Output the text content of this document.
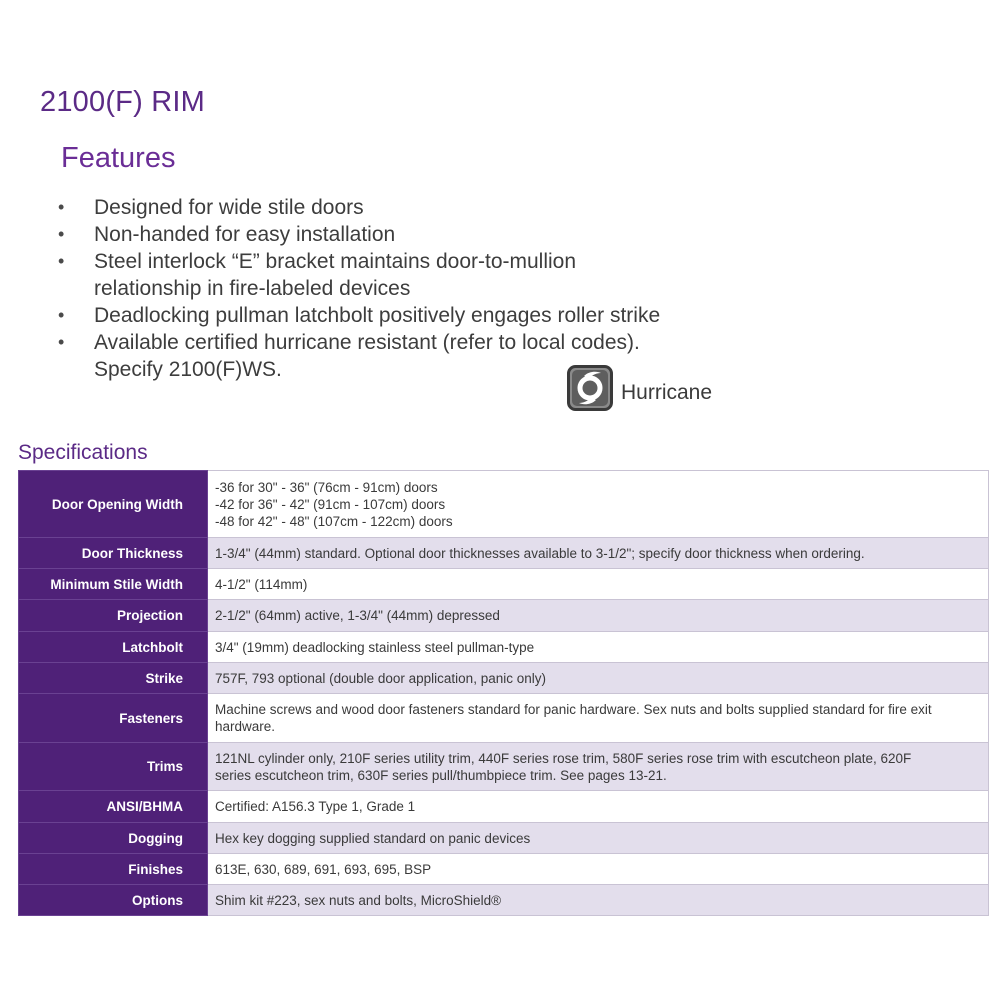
2100(F) RIM
Features
• Designed for wide stile doors
• Non-handed for easy installation
• Steel interlock “E” bracket maintains door-to-mullion
relationship in fire-labeled devices
• Deadlocking pullman latchbolt positively engages roller strike
• Available certified hurricane resistant (refer to local codes).
Specify 2100(F)WS.
Hurricane
Specifications
Door Opening Width	-36 for 30" - 36" (76cm - 91cm) doors
-42 for 36" - 42" (91cm - 107cm) doors
-48 for 42" - 48" (107cm - 122cm) doors

Door Thickness	1-3/4" (44mm) standard. Optional door thicknesses available to 3-1/2"; specify door thickness when ordering.

Minimum Stile Width	4-1/2" (114mm)

Projection	2-1/2" (64mm) active, 1-3/4" (44mm) depressed

Latchbolt	3/4" (19mm) deadlocking stainless steel pullman-type

Strike	757F, 793 optional (double door application, panic only)

Fasteners	Machine screws and wood door fasteners standard for panic hardware. Sex nuts and bolts supplied standard for fire exit
hardware.

Trims	121NL cylinder only, 210F series utility trim, 440F series rose trim, 580F series rose trim with escutcheon plate, 620F
series escutcheon trim, 630F series pull/thumbpiece trim. See pages 13-21.

ANSI/BHMA	Certified: A156.3 Type 1, Grade 1

Dogging	Hex key dogging supplied standard on panic devices

Finishes	613E, 630, 689, 691, 693, 695, BSP

Options	Shim kit #223, sex nuts and bolts, MicroShield®
